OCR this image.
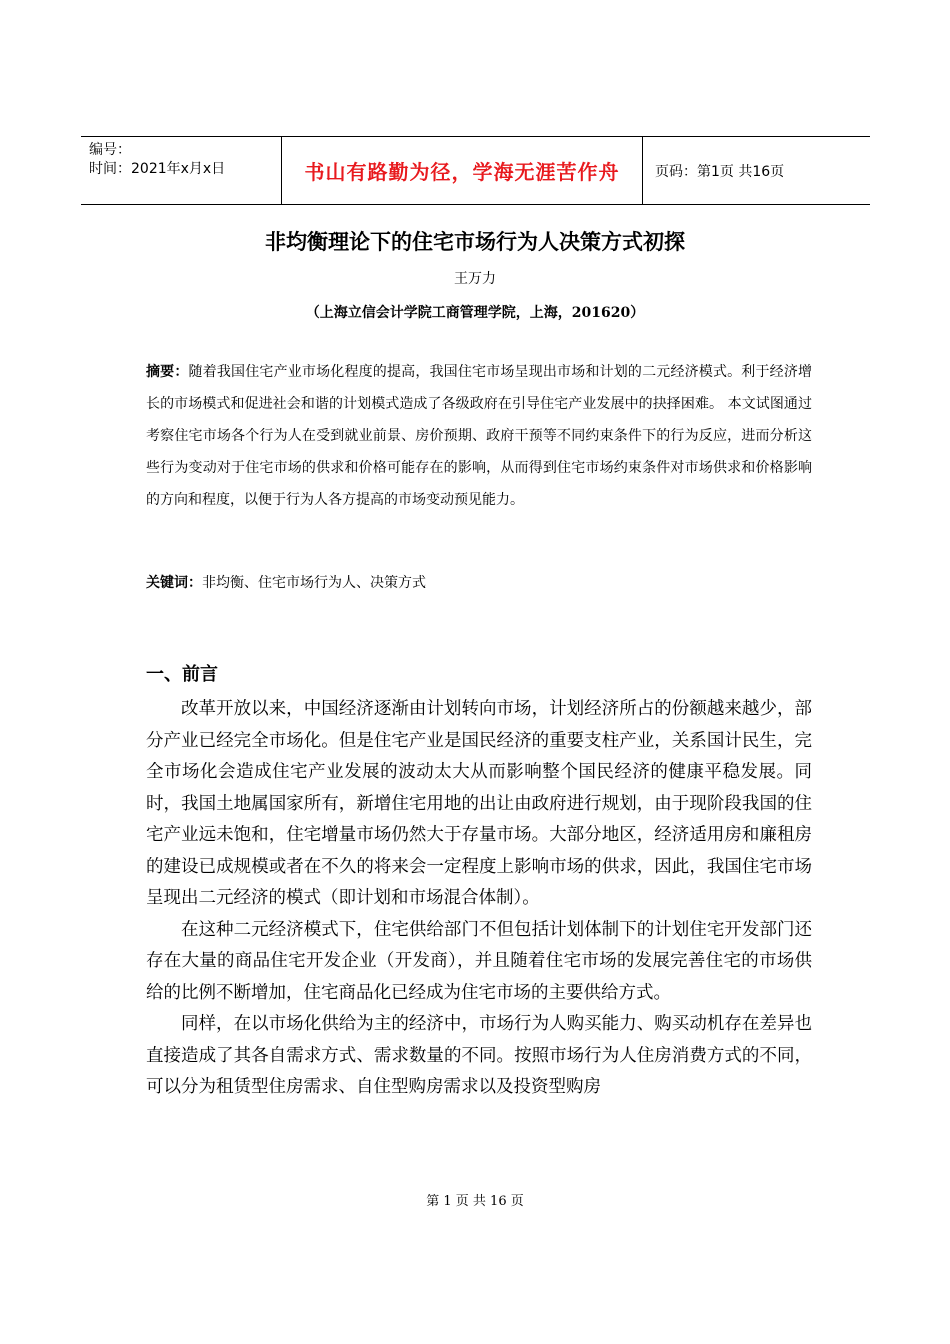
编号：
时间：2021年x月x日	书山有路勤为径，学海无涯苦作舟	页码：第1页 共16页
非均衡理论下的住宅市场行为人决策方式初探
王万力
（上海立信会计学院工商管理学院，上海，201620）
摘要：随着我国住宅产业市场化程度的提高，我国住宅市场呈现出市场和计划的二元经济模式。利于经济增长的市场模式和促进社会和谐的计划模式造成了各级政府在引导住宅产业发展中的抉择困难。 本文试图通过考察住宅市场各个行为人在受到就业前景、房价预期、政府干预等不同约束条件下的行为反应，进而分析这些行为变动对于住宅市场的供求和价格可能存在的影响，从而得到住宅市场约束条件对市场供求和价格影响的方向和程度，以便于行为人各方提高的市场变动预见能力。
关键词：非均衡、住宅市场行为人、决策方式
一、前言

改革开放以来，中国经济逐渐由计划转向市场，计划经济所占的份额越来越少，部分产业已经完全市场化。但是住宅产业是国民经济的重要支柱产业，关系国计民生，完全市场化会造成住宅产业发展的波动太大从而影响整个国民经济的健康平稳发展。同时，我国土地属国家所有，新增住宅用地的出让由政府进行规划，由于现阶段我国的住宅产业远未饱和，住宅增量市场仍然大于存量市场。大部分地区，经济适用房和廉租房的建设已成规模或者在不久的将来会一定程度上影响市场的供求，因此，我国住宅市场呈现出二元经济的模式（即计划和市场混合体制）。

在这种二元经济模式下，住宅供给部门不但包括计划体制下的计划住宅开发部门还存在大量的商品住宅开发企业（开发商），并且随着住宅市场的发展完善住宅的市场供给的比例不断增加，住宅商品化已经成为住宅市场的主要供给方式。

同样，在以市场化供给为主的经济中，市场行为人购买能力、购买动机存在差异也直接造成了其各自需求方式、需求数量的不同。按照市场行为人住房消费方式的不同，可以分为租赁型住房需求、自住型购房需求以及投资型购房

第 1 页 共 16 页
